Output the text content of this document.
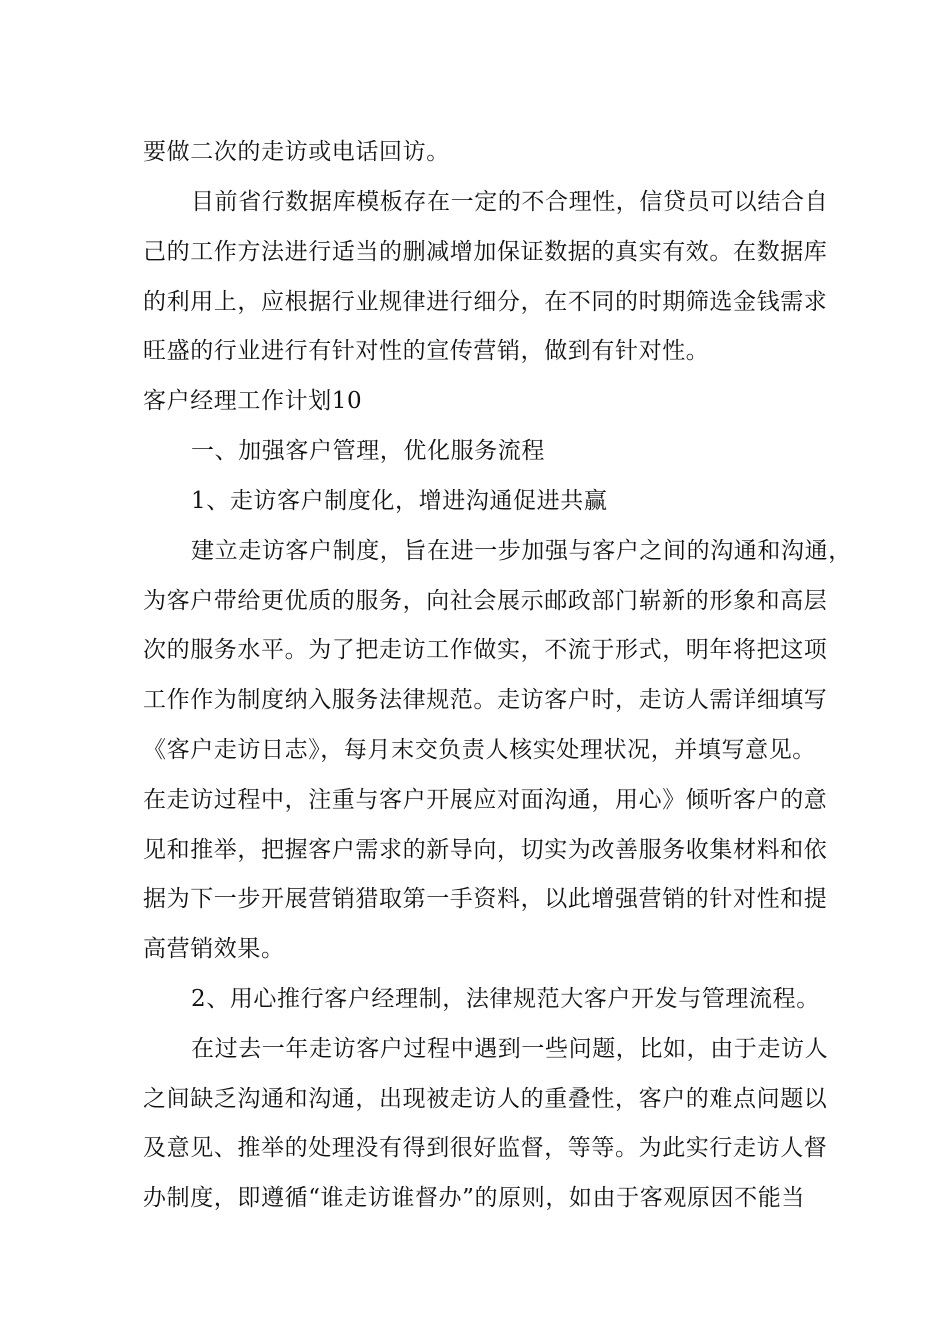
要做二次的走访或电话回访。
目前省行数据库模板存在一定的不合理性，信贷员可以结合自
己的工作方法进行适当的删减增加保证数据的真实有效。在数据库
的利用上，应根据行业规律进行细分，在不同的时期筛选金钱需求
旺盛的行业进行有针对性的宣传营销，做到有针对性。
客户经理工作计划10
一、加强客户管理，优化服务流程
1、走访客户制度化，增进沟通促进共赢
建立走访客户制度，旨在进一步加强与客户之间的沟通和沟通，
为客户带给更优质的服务，向社会展示邮政部门崭新的形象和高层
次的服务水平。为了把走访工作做实，不流于形式，明年将把这项
工作作为制度纳入服务法律规范。走访客户时，走访人需详细填写
《客户走访日志》，每月末交负责人核实处理状况，并填写意见。
在走访过程中，注重与客户开展应对面沟通，用心》倾听客户的意
见和推举，把握客户需求的新导向，切实为改善服务收集材料和依
据为下一步开展营销猎取第一手资料，以此增强营销的针对性和提
高营销效果。
2、用心推行客户经理制，法律规范大客户开发与管理流程。
在过去一年走访客户过程中遇到一些问题，比如，由于走访人
之间缺乏沟通和沟通，出现被走访人的重叠性，客户的难点问题以
及意见、推举的处理没有得到很好监督，等等。为此实行走访人督
办制度，即遵循“谁走访谁督办”的原则，如由于客观原因不能当
